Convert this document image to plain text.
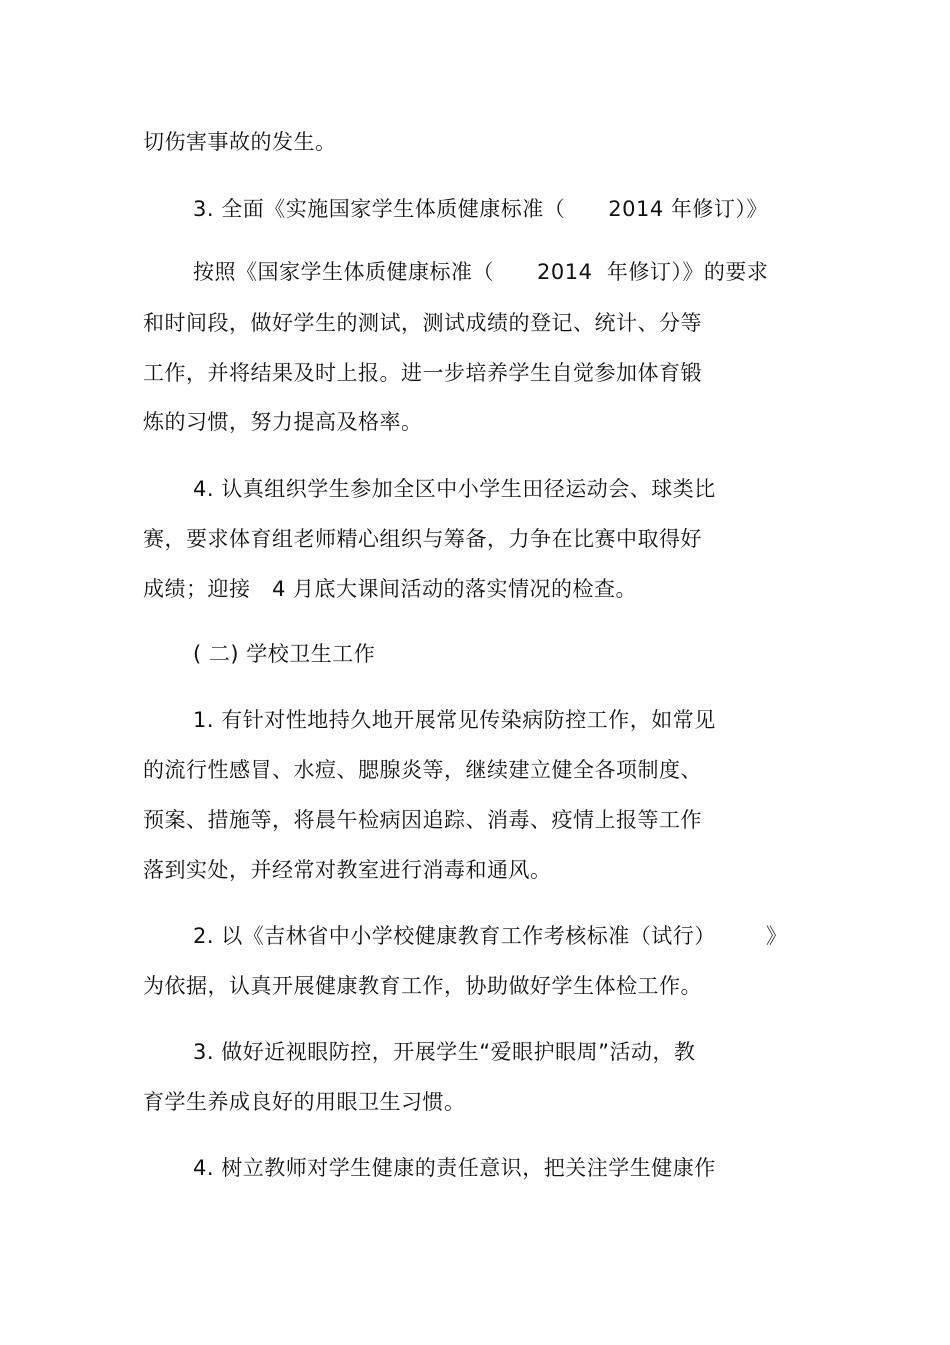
切伤害事故的发生。
3. 全面《实施国家学生体质健康标准（      2014 年修订）》
按照《国家学生体质健康标准（      2014  年修订）》的要求
和时间段，做好学生的测试，测试成绩的登记、统计、分等
工作，并将结果及时上报。进一步培养学生自觉参加体育锻
炼的习惯，努力提高及格率。
4. 认真组织学生参加全区中小学生田径运动会、球类比
赛，要求体育组老师精心组织与筹备，力争在比赛中取得好
成绩；迎接   4 月底大课间活动的落实情况的检查。
( 二) 学校卫生工作
1. 有针对性地持久地开展常见传染病防控工作，如常见
的流行性感冒、水痘、腮腺炎等，继续建立健全各项制度、
预案、措施等，将晨午检病因追踪、消毒、疫情上报等工作
落到实处，并经常对教室进行消毒和通风。
2. 以《吉林省中小学校健康教育工作考核标准（试行）       》
为依据，认真开展健康教育工作，协助做好学生体检工作。
3. 做好近视眼防控，开展学生“爱眼护眼周”活动，教
育学生养成良好的用眼卫生习惯。
4. 树立教师对学生健康的责任意识，把关注学生健康作
